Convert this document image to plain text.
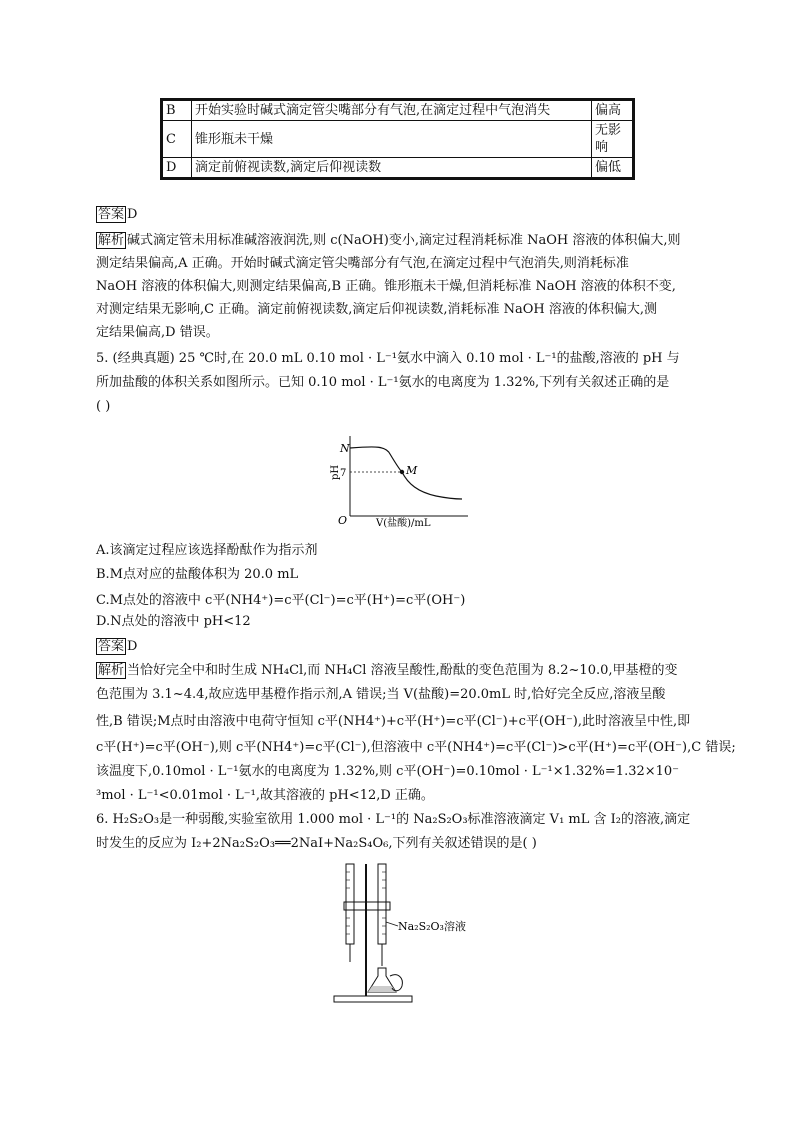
B	开始实验时碱式滴定管尖嘴部分有气泡,在滴定过程中气泡消失	偏高
C	锥形瓶未干燥	无影响
D	滴定前俯视读数,滴定后仰视读数	偏低
答案 D
解析 碱式滴定管未用标准碱溶液润洗,则 c(NaOH)变小,滴定过程消耗标准 NaOH 溶液的体积偏大,则
测定结果偏高,A 正确。开始时碱式滴定管尖嘴部分有气泡,在滴定过程中气泡消失,则消耗标准
NaOH 溶液的体积偏大,则测定结果偏高,B 正确。锥形瓶未干燥,但消耗标准 NaOH 溶液的体积不变,
对测定结果无影响,C 正确。滴定前俯视读数,滴定后仰视读数,消耗标准 NaOH 溶液的体积偏大,测
定结果偏高,D 错误。
5. (经典真题) 25 ℃时,在 20.0 mL 0.10 mol · L⁻¹氨水中滴入 0.10 mol · L⁻¹的盐酸,溶液的 pH 与
所加盐酸的体积关系如图所示。已知 0.10 mol · L⁻¹氨水的电离度为 1.32%,下列有关叙述正确的是
( )
N
7	M
O	V(盐酸)/mL
pH
A.该滴定过程应该选择酚酞作为指示剂
B.M点对应的盐酸体积为 20.0 mL
C.M点处的溶液中 c平(NH4⁺)=c平(Cl⁻)=c平(H⁺)=c平(OH⁻)
D.N点处的溶液中 pH<12
答案 D
解析 当恰好完全中和时生成 NH₄Cl,而 NH₄Cl 溶液呈酸性,酚酞的变色范围为 8.2~10.0,甲基橙的变
色范围为 3.1~4.4,故应选甲基橙作指示剂,A 错误;当 V(盐酸)=20.0mL 时,恰好完全反应,溶液呈酸
性,B 错误;M点时由溶液中电荷守恒知 c平(NH4⁺)+c平(H⁺)=c平(Cl⁻)+c平(OH⁻),此时溶液呈中性,即
c平(H⁺)=c平(OH⁻),则 c平(NH4⁺)=c平(Cl⁻),但溶液中 c平(NH4⁺)=c平(Cl⁻)>c平(H⁺)=c平(OH⁻),C 错误;
该温度下,0.10mol · L⁻¹氨水的电离度为 1.32%,则 c平(OH⁻)=0.10mol · L⁻¹×1.32%=1.32×10⁻
³mol · L⁻¹<0.01mol · L⁻¹,故其溶液的 pH<12,D 正确。
6. H₂S₂O₃是一种弱酸,实验室欲用 1.000 mol · L⁻¹的 Na₂S₂O₃标准溶液滴定 V₁ mL 含 I₂的溶液,滴定
时发生的反应为 I₂+2Na₂S₂O₃══2NaI+Na₂S₄O₆,下列有关叙述错误的是( )
Na₂S₂O₃溶液
